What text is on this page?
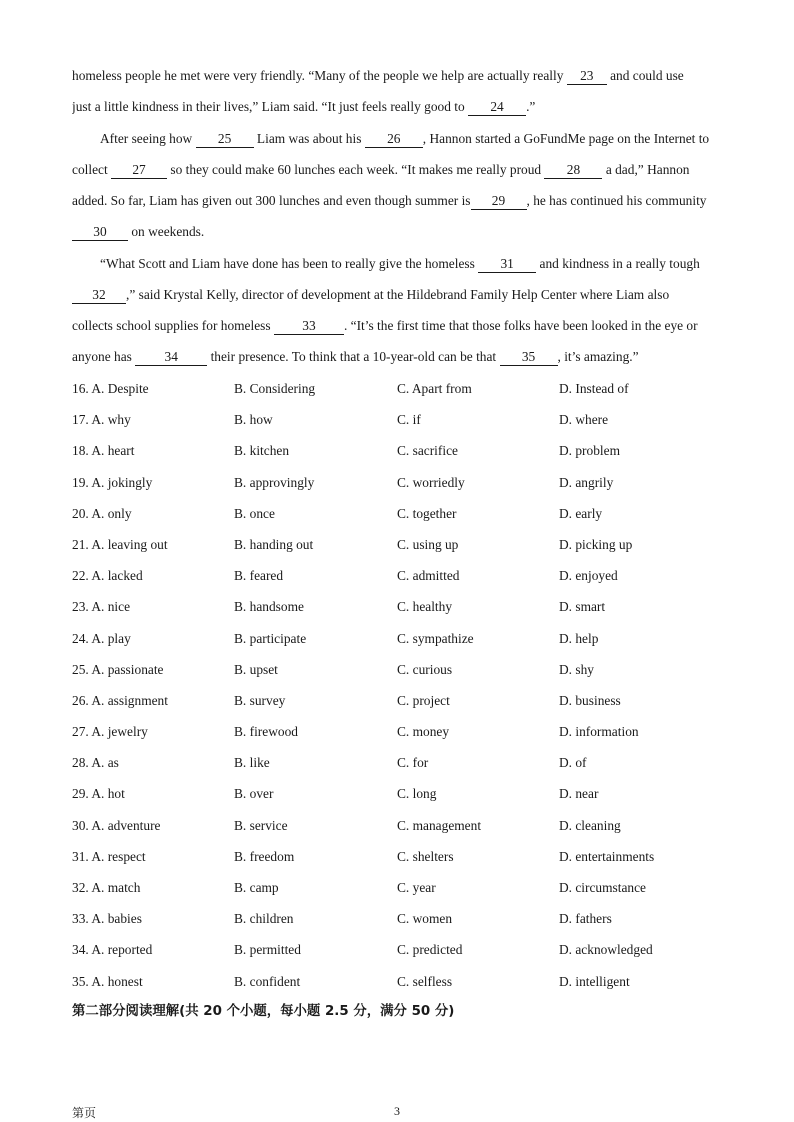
homeless people he met were very friendly. “Many of the people we help are actually really 23 and could use
just a little kindness in their lives,” Liam said. “It just feels really good to 24 .”
After seeing how 25 Liam was about his 26 , Hannon started a GoFundMe page on the Internet to
collect 27 so they could make 60 lunches each week. “It makes me really proud 28 a dad,” Hannon
added. So far, Liam has given out 300 lunches and even though summer is 29 , he has continued his community
30 on weekends.
“What Scott and Liam have done has been to really give the homeless 31 and kindness in a really tough
32 ,” said Krystal Kelly, director of development at the Hildebrand Family Help Center where Liam also
collects school supplies for homeless 33 . “It’s the first time that those folks have been looked in the eye or
anyone has 34 their presence. To think that a 10-year-old can be that 35 , it’s amazing.”
16. A. Despite	B. Considering	C. Apart from	D. Instead of
17. A. why	B. how	C. if	D. where
18. A. heart	B. kitchen	C. sacrifice	D. problem
19. A. jokingly	B. approvingly	C. worriedly	D. angrily
20. A. only	B. once	C. together	D. early
21. A. leaving out	B. handing out	C. using up	D. picking up
22. A. lacked	B. feared	C. admitted	D. enjoyed
23. A. nice	B. handsome	C. healthy	D. smart
24. A. play	B. participate	C. sympathize	D. help
25. A. passionate	B. upset	C. curious	D. shy
26. A. assignment	B. survey	C. project	D. business
27. A. jewelry	B. firewood	C. money	D. information
28. A. as	B. like	C. for	D. of
29. A. hot	B. over	C. long	D. near
30. A. adventure	B. service	C. management	D. cleaning
31. A. respect	B. freedom	C. shelters	D. entertainments
32. A. match	B. camp	C. year	D. circumstance
33. A. babies	B. children	C. women	D. fathers
34. A. reported	B. permitted	C. predicted	D. acknowledged
35. A. honest	B. confident	C. selfless	D. intelligent
第二部分阅读理解(共 20 个小题，每小题 2.5 分，满分 50 分)
第页	3
